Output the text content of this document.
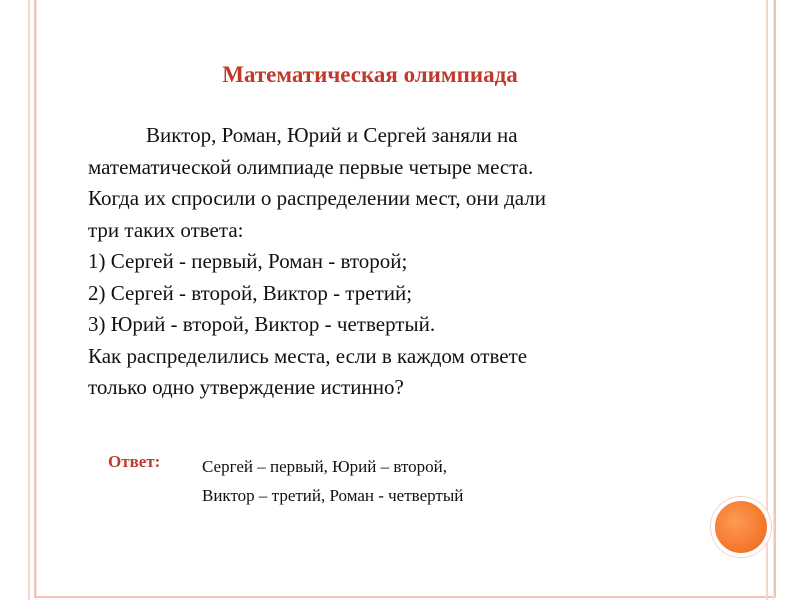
Математическая олимпиада
Виктор, Роман, Юрий и Сергей заняли на
математической олимпиаде первые четыре места.
Когда их спросили о распределении мест, они дали
три таких ответа:
1) Сергей - первый, Роман - второй;
2) Сергей - второй, Виктор - третий;
3) Юрий - второй, Виктор - четвертый.
Как распределились места, если в каждом ответе
только одно утверждение истинно?
Ответ: Сергей – первый, Юрий – второй,
Виктор – третий, Роман - четвертый
